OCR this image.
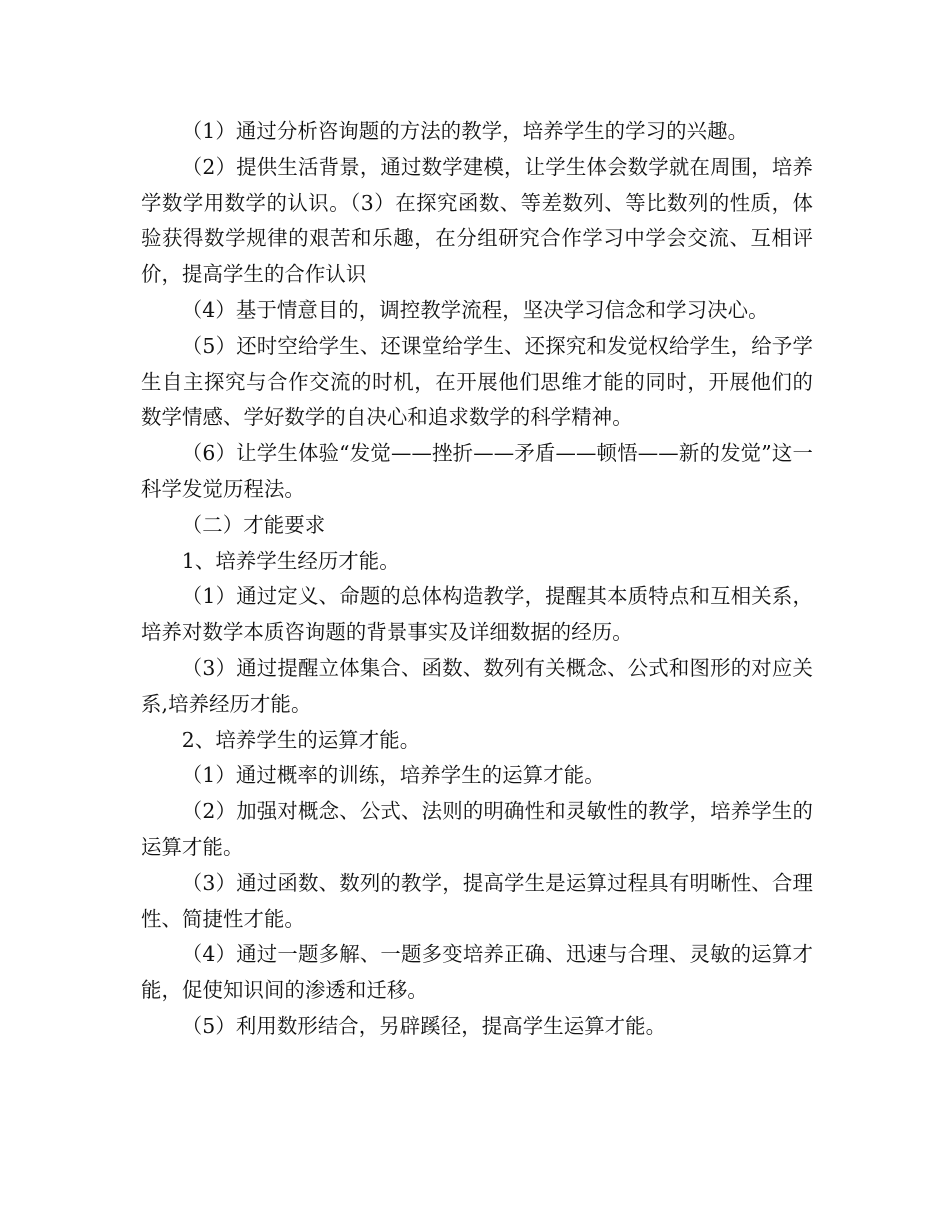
（1）通过分析咨询题的方法的教学，培养学生的学习的兴趣。

（2）提供生活背景，通过数学建模，让学生体会数学就在周围，培养学数学用数学的认识。（3）在探究函数、等差数列、等比数列的性质，体验获得数学规律的艰苦和乐趣，在分组研究合作学习中学会交流、互相评价，提高学生的合作认识

（4）基于情意目的，调控教学流程，坚决学习信念和学习决心。

（5）还时空给学生、还课堂给学生、还探究和发觉权给学生，给予学生自主探究与合作交流的时机，在开展他们思维才能的同时，开展他们的数学情感、学好数学的自决心和追求数学的科学精神。

（6）让学生体验“发觉——挫折——矛盾——顿悟——新的发觉”这一科学发觉历程法。

（二）才能要求

1、培养学生经历才能。

（1）通过定义、命题的总体构造教学，提醒其本质特点和互相关系，培养对数学本质咨询题的背景事实及详细数据的经历。

（3）通过提醒立体集合、函数、数列有关概念、公式和图形的对应关系,培养经历才能。

2、培养学生的运算才能。

（1）通过概率的训练，培养学生的运算才能。

（2）加强对概念、公式、法则的明确性和灵敏性的教学，培养学生的运算才能。

（3）通过函数、数列的教学，提高学生是运算过程具有明晰性、合理性、简捷性才能。

（4）通过一题多解、一题多变培养正确、迅速与合理、灵敏的运算才能，促使知识间的渗透和迁移。

（5）利用数形结合，另辟蹊径，提高学生运算才能。
